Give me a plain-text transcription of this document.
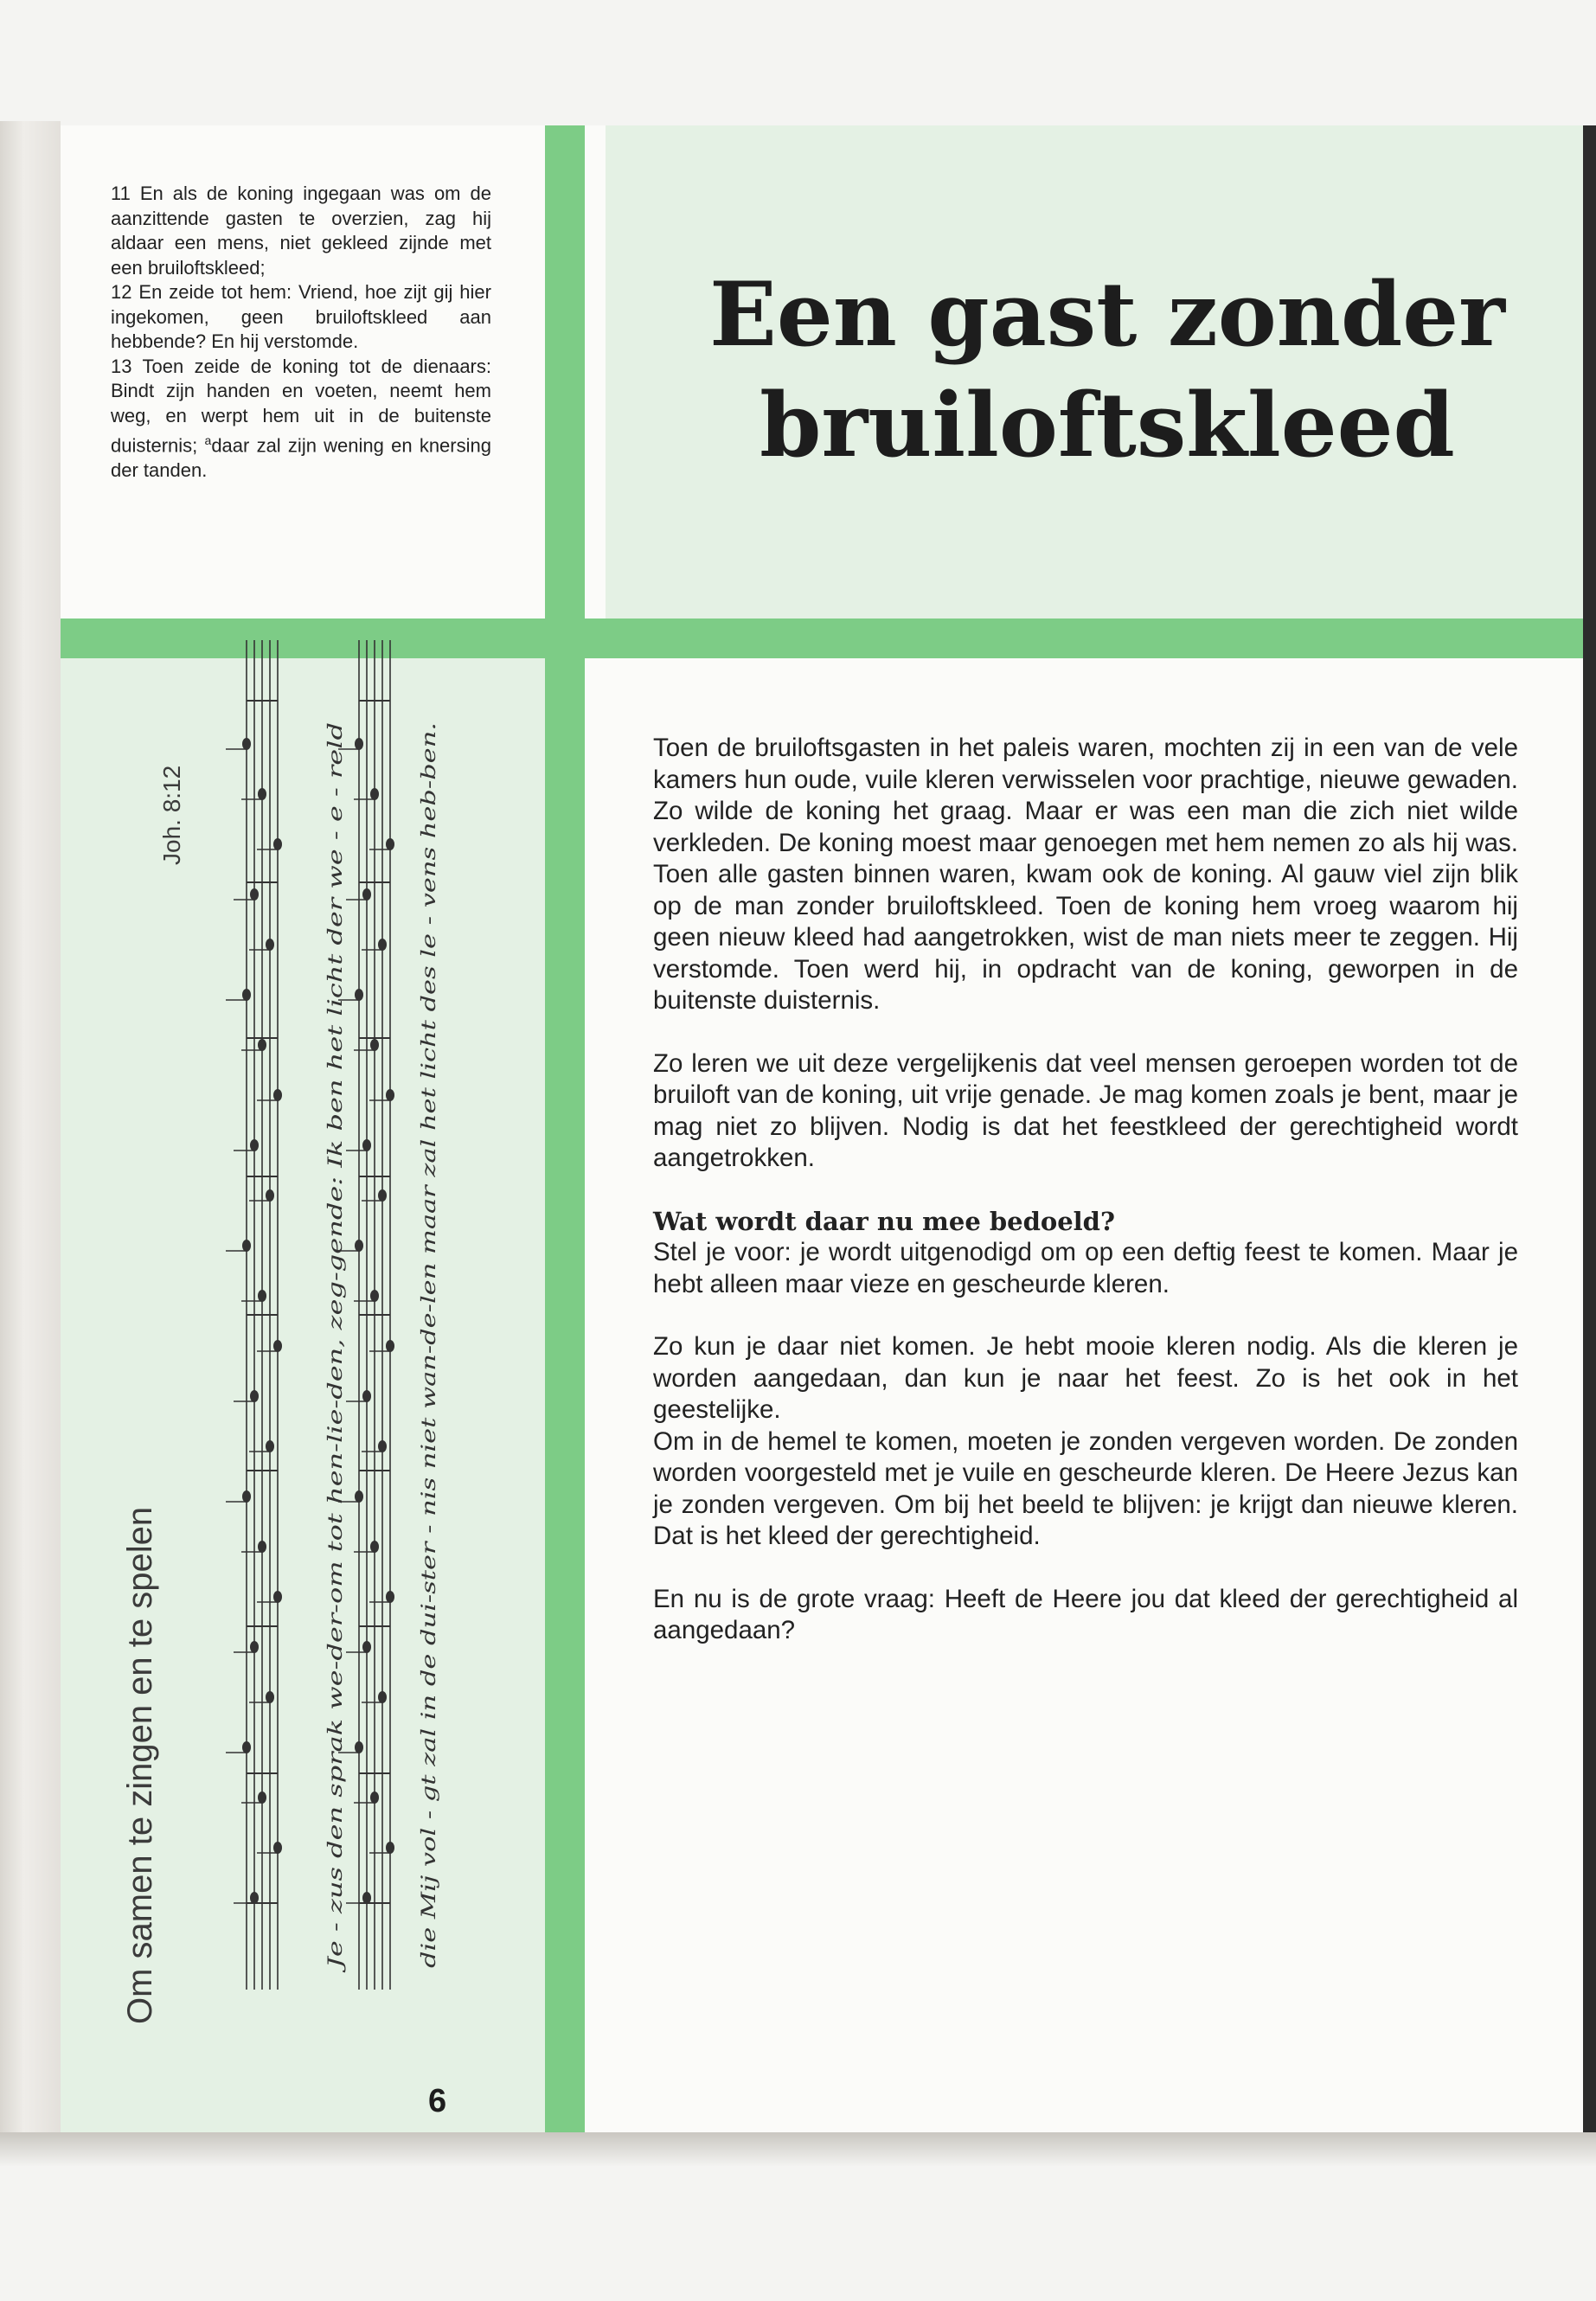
11 En als de koning ingegaan was om de aanzittende gasten te overzien, zag hij aldaar een mens, niet gekleed zijnde met een bruiloftskleed;

12 En zeide tot hem: Vriend, hoe zijt gij hier ingekomen, geen bruiloftskleed aan hebbende? En hij verstomde.

13 Toen zeide de koning tot de dienaars: Bindt zijn handen en voeten, neemt hem weg, en werpt hem uit in de buitenste duisternis; $^a$daar zal zijn wening en knersing der tanden.

Een gast zonder
bruiloftskleed

Toen de bruiloftsgasten in het paleis waren, mochten zij in een van de vele kamers hun oude, vuile kleren verwisselen voor prachtige, nieuwe gewaden. Zo wilde de koning het graag. Maar er was een man die zich niet wilde verkleden. De koning moest maar genoegen met hem nemen zo als hij was. Toen alle gasten binnen waren, kwam ook de koning. Al gauw viel zijn blik op de man zonder bruiloftskleed. Toen de koning hem vroeg waarom hij geen nieuw kleed had aangetrokken, wist de man niets meer te zeggen. Hij verstomde. Toen werd hij, in opdracht van de koning, geworpen in de buitenste duisternis.

Zo leren we uit deze vergelijkenis dat veel mensen geroepen worden tot de bruiloft van de koning, uit vrije genade. Je mag komen zoals je bent, maar je mag niet zo blijven. Nodig is dat het feestkleed der gerechtigheid wordt aangetrokken.

Wat wordt daar nu mee bedoeld?

Stel je voor: je wordt uitgenodigd om op een deftig feest te komen. Maar je hebt alleen maar vieze en gescheurde kleren.

Zo kun je daar niet komen. Je hebt mooie kleren nodig. Als die kleren je worden aangedaan, dan kun je naar het feest. Zo is het ook in het geestelijke.

Om in de hemel te komen, moeten je zonden vergeven worden. De zonden worden voorgesteld met je vuile en gescheurde kleren. De Heere Jezus kan je zonden vergeven. Om bij het beeld te blijven: je krijgt dan nieuwe kleren. Dat is het kleed der gerechtigheid.

En nu is de grote vraag: Heeft de Heere jou dat kleed der gerechtigheid al aangedaan?

Om samen te zingen en te spelen
Joh. 8:12
Je - zus den sprak we-der-om tot hen-lie-den, zeg-gende: Ik ben het licht der we - e - reld	die Mij vol - gt zal in de dui-ster - nis niet wan-de-len maar zal het licht des le - vens heb-ben.
6
